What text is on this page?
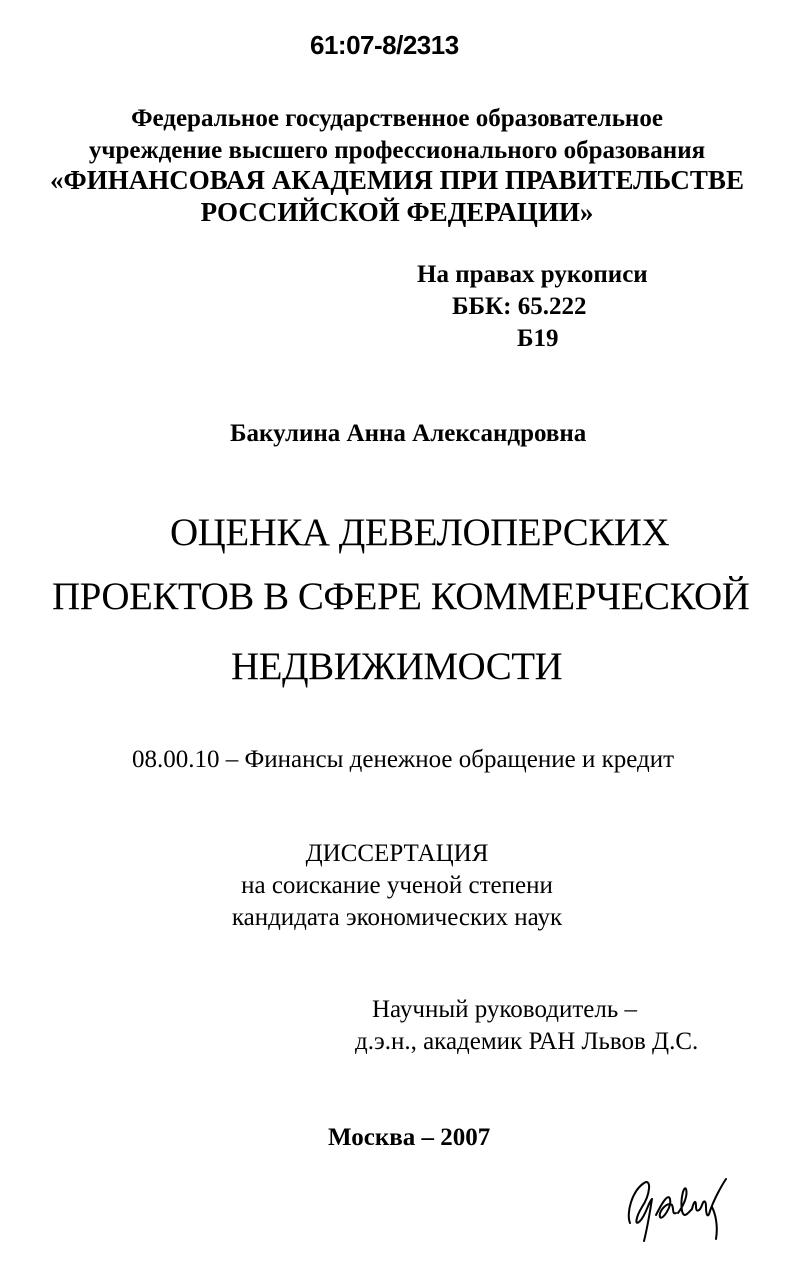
61:07-8/2313
Федеральное государственное образовательное
учреждение высшего профессионального образования
«ФИНАНСОВАЯ АКАДЕМИЯ ПРИ ПРАВИТЕЛЬСТВЕ
РОССИЙСКОЙ ФЕДЕРАЦИИ»
На правах рукописи
ББК: 65.222
Б19
Бакулина Анна Александровна
ОЦЕНКА ДЕВЕЛОПЕРСКИХ
ПРОЕКТОВ В СФЕРЕ КОММЕРЧЕСКОЙ
НЕДВИЖИМОСТИ
08.00.10 – Финансы денежное обращение и кредит
ДИССЕРТАЦИЯ
на соискание ученой степени
кандидата экономических наук
Научный руководитель –
д.э.н., академик РАН Львов Д.С.
Москва – 2007
